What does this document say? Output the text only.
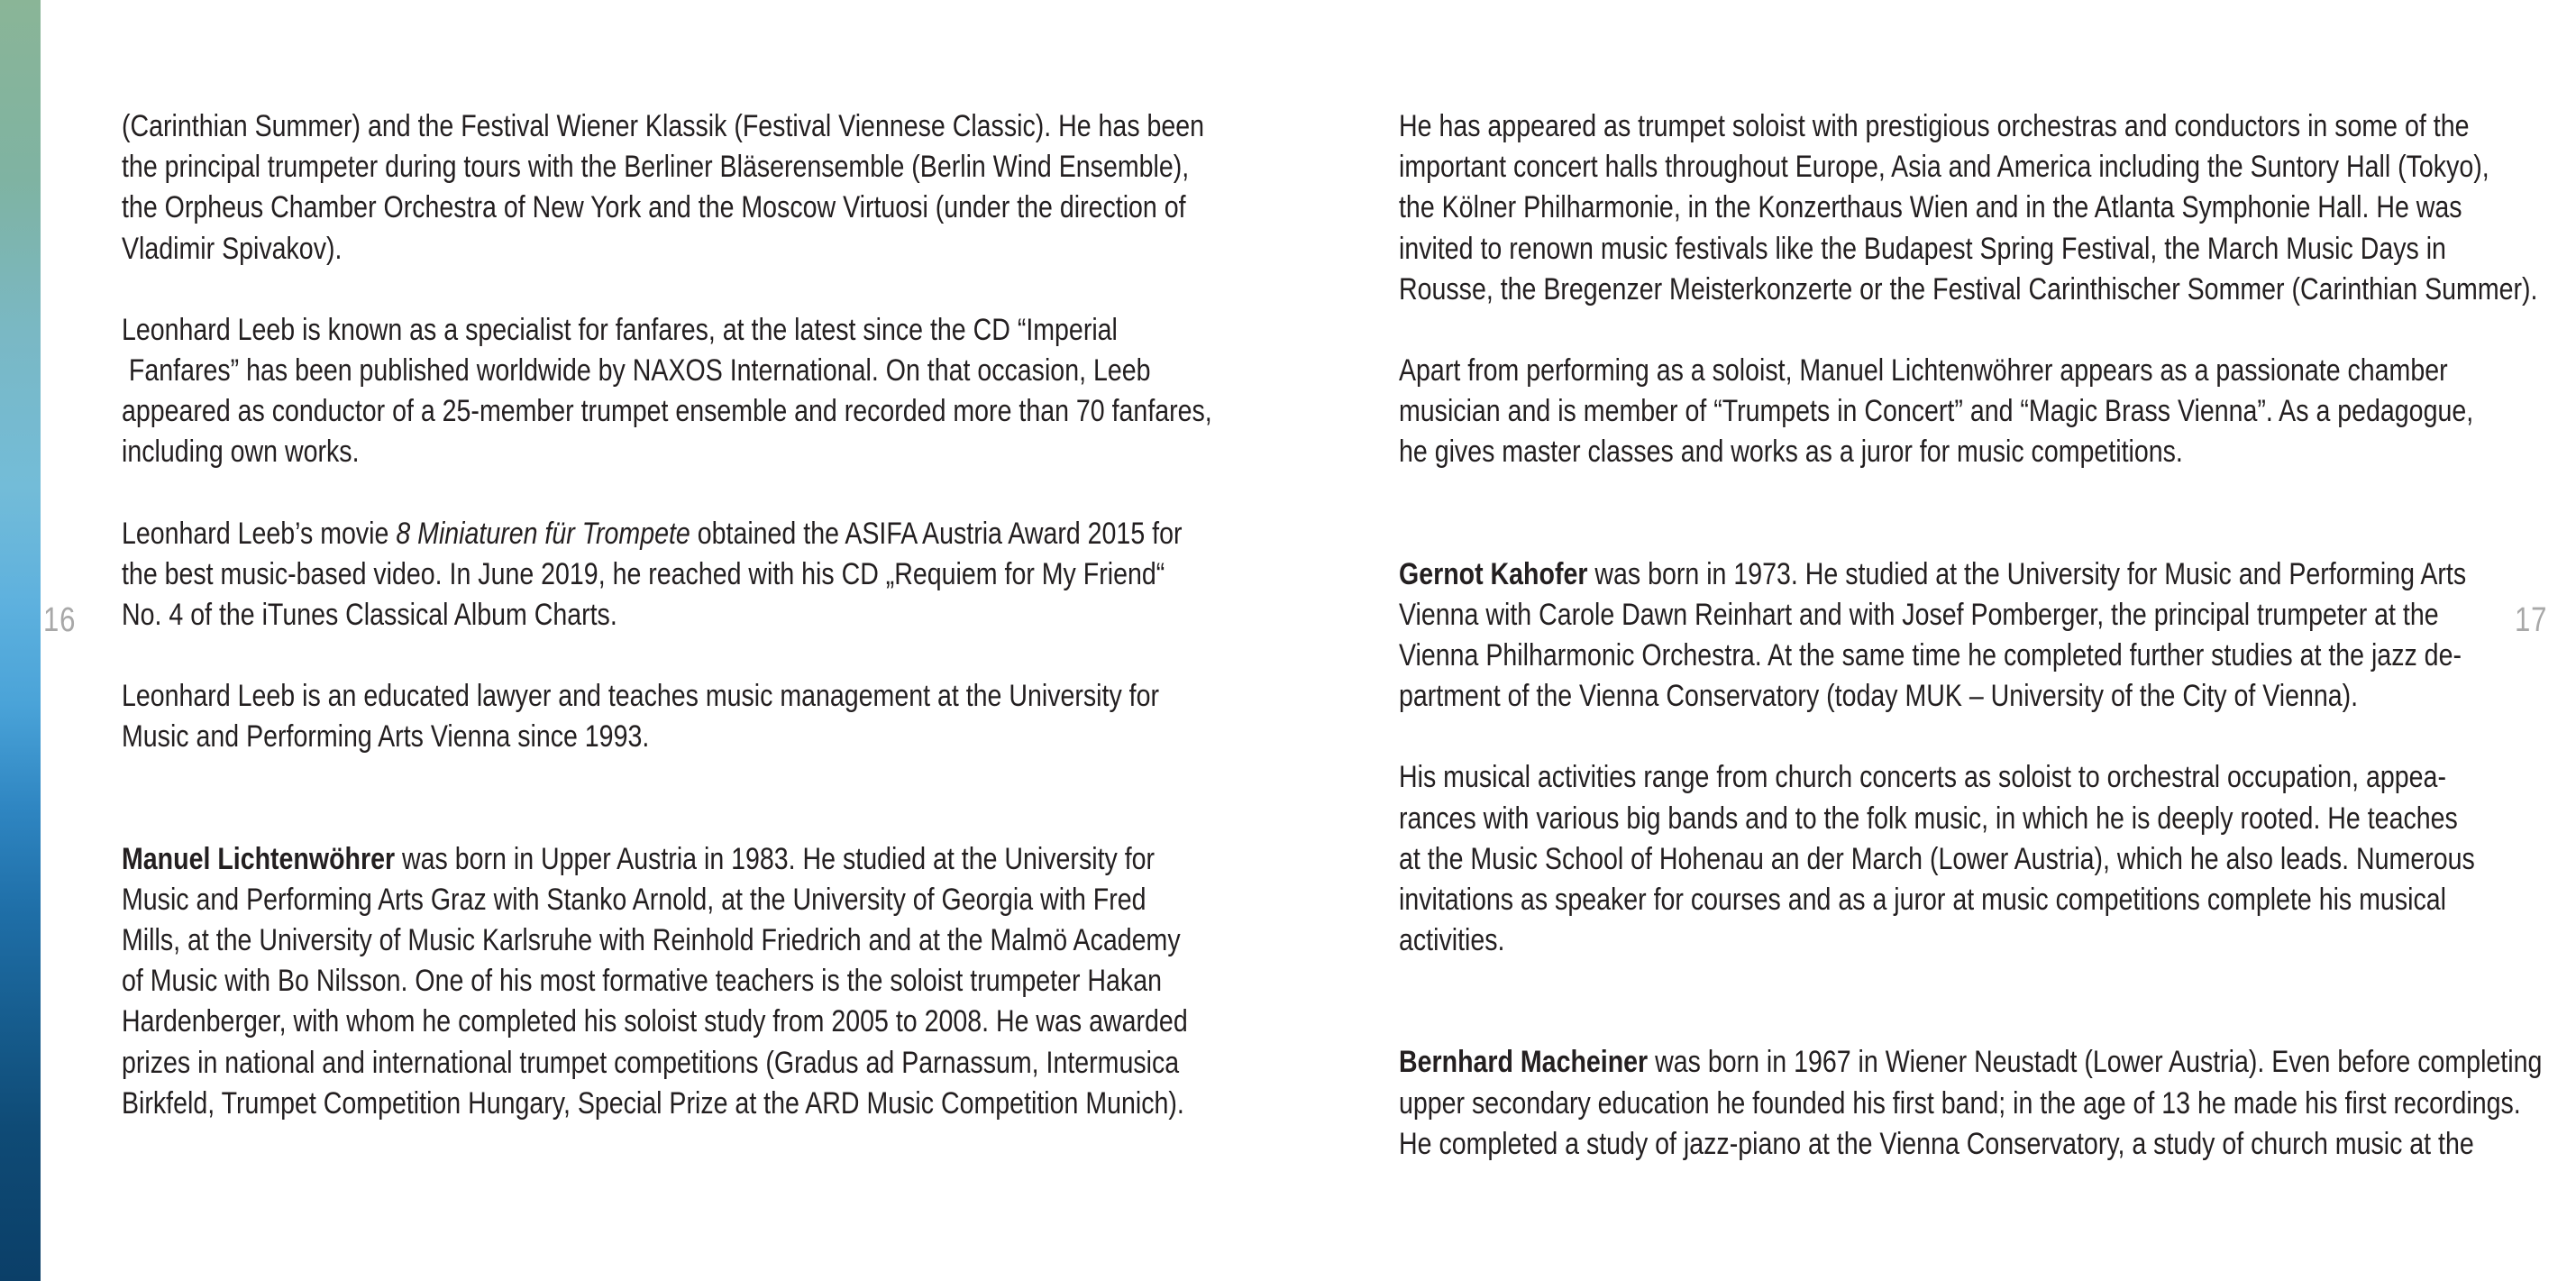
16	17

(Carinthian Summer) and the Festival Wiener Klassik (Festival Viennese Classic). He has been
the principal trumpeter during tours with the Berliner Bläserensemble (Berlin Wind Ensemble),
the Orpheus Chamber Orchestra of New York and the Moscow Virtuosi (under the direction of
Vladimir Spivakov).

Leonhard Leeb is known as a specialist for fanfares, at the latest since the CD “Imperial
Fanfares” has been published worldwide by NAXOS International. On that occasion, Leeb
appeared as conductor of a 25-member trumpet ensemble and recorded more than 70 fanfares,
including own works.

Leonhard Leeb’s movie 8 Miniaturen für Trompete obtained the ASIFA Austria Award 2015 for
the best music-based video. In June 2019, he reached with his CD „Requiem for My Friend“
No. 4 of the iTunes Classical Album Charts.

Leonhard Leeb is an educated lawyer and teaches music management at the University for
Music and Performing Arts Vienna since 1993.

Manuel Lichtenwöhrer was born in Upper Austria in 1983. He studied at the University for
Music and Performing Arts Graz with Stanko Arnold, at the University of Georgia with Fred
Mills, at the University of Music Karlsruhe with Reinhold Friedrich and at the Malmö Academy
of Music with Bo Nilsson. One of his most formative teachers is the soloist trumpeter Hakan
Hardenberger, with whom he completed his soloist study from 2005 to 2008. He was awarded
prizes in national and international trumpet competitions (Gradus ad Parnassum, Intermusica
Birkfeld, Trumpet Competition Hungary, Special Prize at the ARD Music Competition Munich).

He has appeared as trumpet soloist with prestigious orchestras and conductors in some of the
important concert halls throughout Europe, Asia and America including the Suntory Hall (Tokyo),
the Kölner Philharmonie, in the Konzerthaus Wien and in the Atlanta Symphonie Hall. He was
invited to renown music festivals like the Budapest Spring Festival, the March Music Days in
Rousse, the Bregenzer Meisterkonzerte or the Festival Carinthischer Sommer (Carinthian Summer).

Apart from performing as a soloist, Manuel Lichtenwöhrer appears as a passionate chamber
musician and is member of “Trumpets in Concert” and “Magic Brass Vienna”. As a pedagogue,
he gives master classes and works as a juror for music competitions.

Gernot Kahofer was born in 1973. He studied at the University for Music and Performing Arts
Vienna with Carole Dawn Reinhart and with Josef Pomberger, the principal trumpeter at the
Vienna Philharmonic Orchestra. At the same time he completed further studies at the jazz de-
partment of the Vienna Conservatory (today MUK – University of the City of Vienna).

His musical activities range from church concerts as soloist to orchestral occupation, appea-
rances with various big bands and to the folk music, in which he is deeply rooted. He teaches
at the Music School of Hohenau an der March (Lower Austria), which he also leads. Numerous
invitations as speaker for courses and as a juror at music competitions complete his musical
activities.

Bernhard Macheiner was born in 1967 in Wiener Neustadt (Lower Austria). Even before completing
upper secondary education he founded his first band; in the age of 13 he made his first recordings.
He completed a study of jazz-piano at the Vienna Conservatory, a study of church music at the
